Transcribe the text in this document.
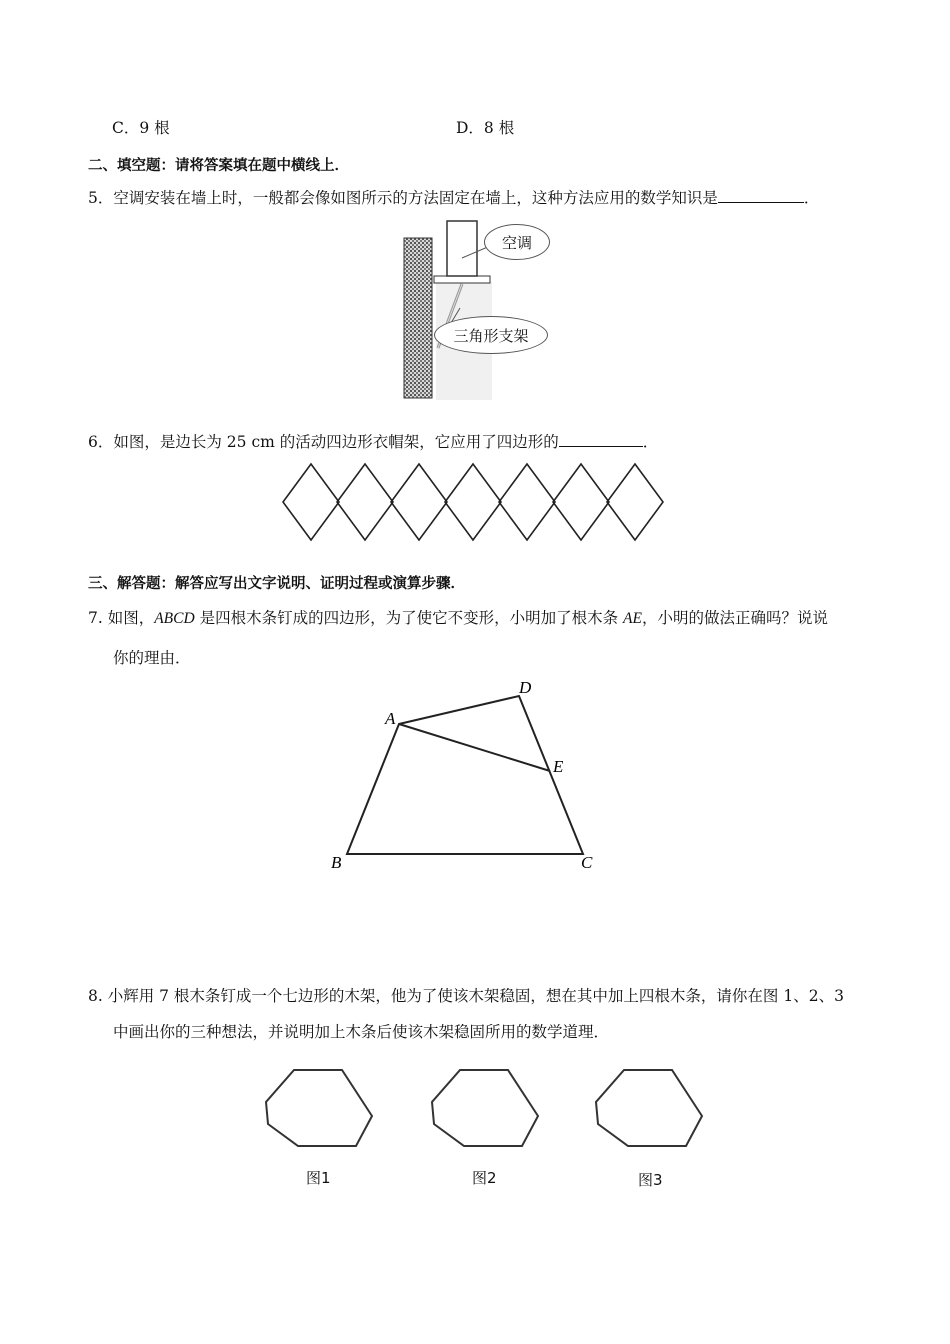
C．9 根	D．8 根
二、填空题：请将答案填在题中横线上．
5．空调安装在墙上时，一般都会像如图所示的方法固定在墙上，这种方法应用的数学知识是	．
空调
三角形支架
6．如图，是边长为 25 cm 的活动四边形衣帽架，它应用了四边形的	．
三、解答题：解答应写出文字说明、证明过程或演算步骤．
7. 如图，ABCD 是四根木条钉成的四边形，为了使它不变形，小明加了根木条 AE，小明的做法正确吗？说说
你的理由．
A
D
E
B	C
8. 小辉用 7 根木条钉成一个七边形的木架，他为了使该木架稳固，想在其中加上四根木条，请你在图 1、2、3
中画出你的三种想法，并说明加上木条后使该木架稳固所用的数学道理．
图1	图2	图3
